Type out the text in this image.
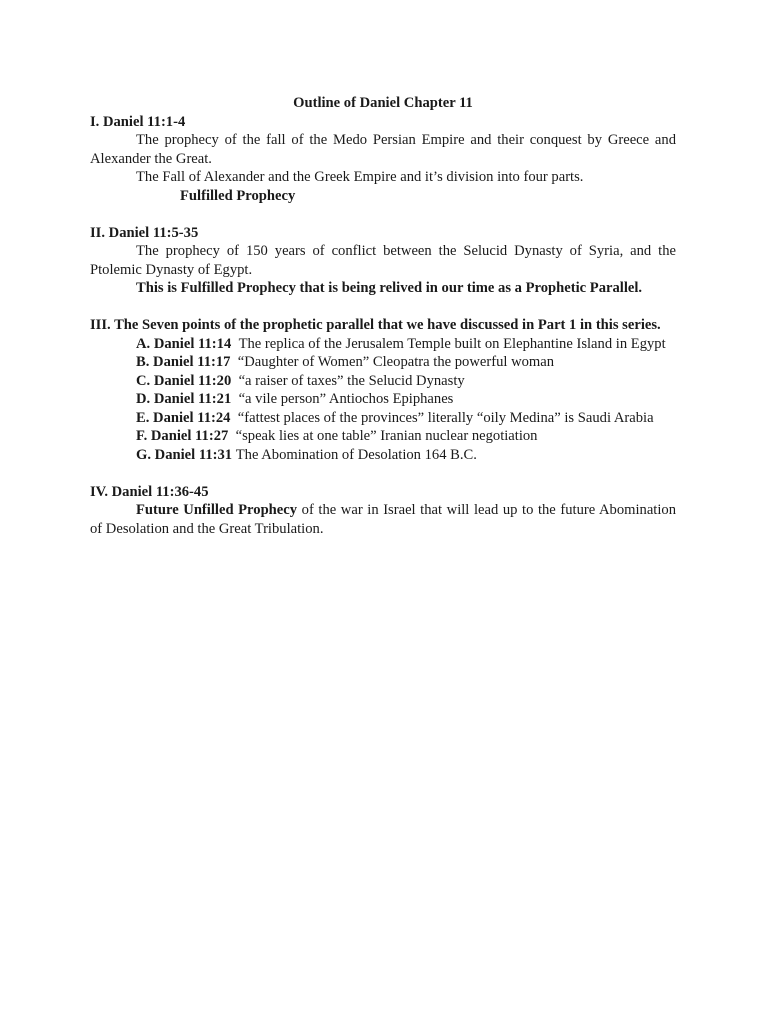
Outline of Daniel Chapter 11
I. Daniel 11:1-4
The prophecy of the fall of the Medo Persian Empire and their conquest by Greece and Alexander the Great.
The Fall of Alexander and the Greek Empire and it’s division into four parts.
Fulfilled Prophecy
II. Daniel 11:5-35
The prophecy of 150 years of conflict between the Selucid Dynasty of Syria, and the Ptolemic Dynasty of Egypt.
This is Fulfilled Prophecy that is being relived in our time as a Prophetic Parallel.
III. The Seven points of the prophetic parallel that we have discussed in Part 1 in this series.
A. Daniel 11:14 The replica of the Jerusalem Temple built on Elephantine Island in Egypt
B. Daniel 11:17 “Daughter of Women” Cleopatra the powerful woman
C. Daniel 11:20 “a raiser of taxes” the Selucid Dynasty
D. Daniel 11:21 “a vile person” Antiochos Epiphanes
E. Daniel 11:24 “fattest places of the provinces” literally “oily Medina” is Saudi Arabia
F. Daniel 11:27 “speak lies at one table” Iranian nuclear negotiation
G. Daniel 11:31 The Abomination of Desolation 164 B.C.
IV. Daniel 11:36-45
Future Unfilled Prophecy of the war in Israel that will lead up to the future Abomination of Desolation and the Great Tribulation.
